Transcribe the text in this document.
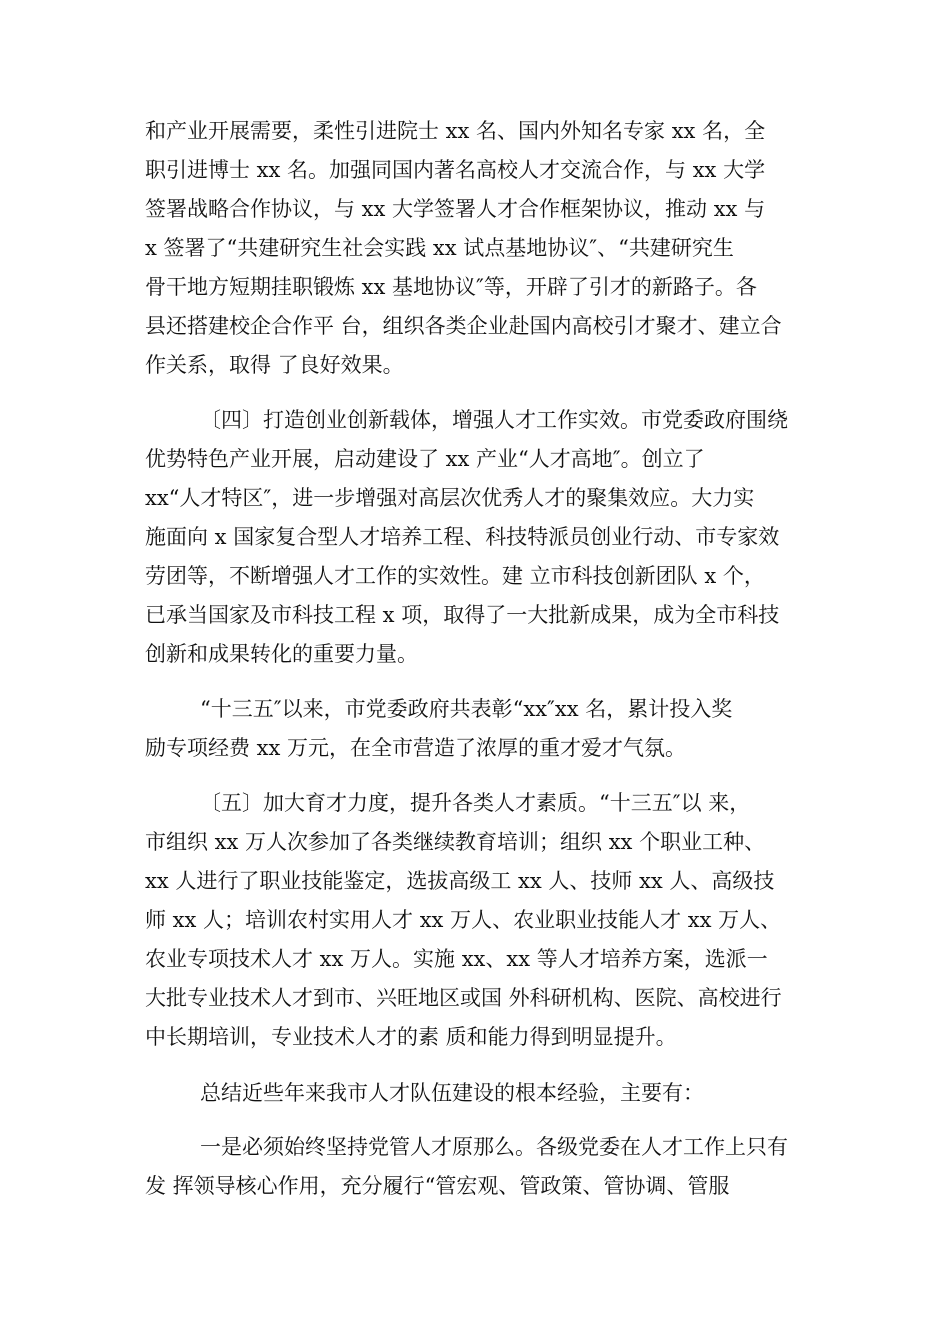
和产业开展需要，柔性引进院士 xx 名、国内外知名专家 xx 名，全

职引进博士 xx 名。加强同国内著名高校人才交流合作，与 xx 大学

签署战略合作协议，与 xx 大学签署人才合作框架协议，推动 xx 与

x 签署了“共建研究生社会实践 xx 试点基地协议″、“共建研究生

骨干地方短期挂职锻炼 xx 基地协议″等，开辟了引才的新路子。各

县还搭建校企合作平 台，组织各类企业赴国内高校引才聚才、建立合

作关系，取得 了良好效果。

〔四〕打造创业创新载体，增强人才工作实效。市党委政府围绕

优势特色产业开展，启动建设了 xx 产业“人才高地″。创立了

xx“人才特区″，进一步增强对高层次优秀人才的聚集效应。大力实

施面向 x 国家复合型人才培养工程、科技特派员创业行动、市专家效

劳团等，不断增强人才工作的实效性。建 立市科技创新团队 x 个，

已承当国家及市科技工程 x 项，取得了一大批新成果，成为全市科技

创新和成果转化的重要力量。

“十三五″以来，市党委政府共表彰“xx″xx 名，累计投入奖

励专项经费 xx 万元，在全市营造了浓厚的重才爱才气氛。

〔五〕加大育才力度，提升各类人才素质。“十三五″以 来，

市组织 xx 万人次参加了各类继续教育培训；组织 xx 个职业工种、

xx 人进行了职业技能鉴定，选拔高级工 xx 人、技师 xx 人、高级技

师 xx 人；培训农村实用人才 xx 万人、农业职业技能人才 xx 万人、

农业专项技术人才 xx 万人。实施 xx、xx 等人才培养方案，选派一

大批专业技术人才到市、兴旺地区或国 外科研机构、医院、高校进行

中长期培训，专业技术人才的素 质和能力得到明显提升。

总结近些年来我市人才队伍建设的根本经验，主要有：

一是必须始终坚持党管人才原那么。各级党委在人才工作上只有

发 挥领导核心作用，充分履行“管宏观、管政策、管协调、管服
